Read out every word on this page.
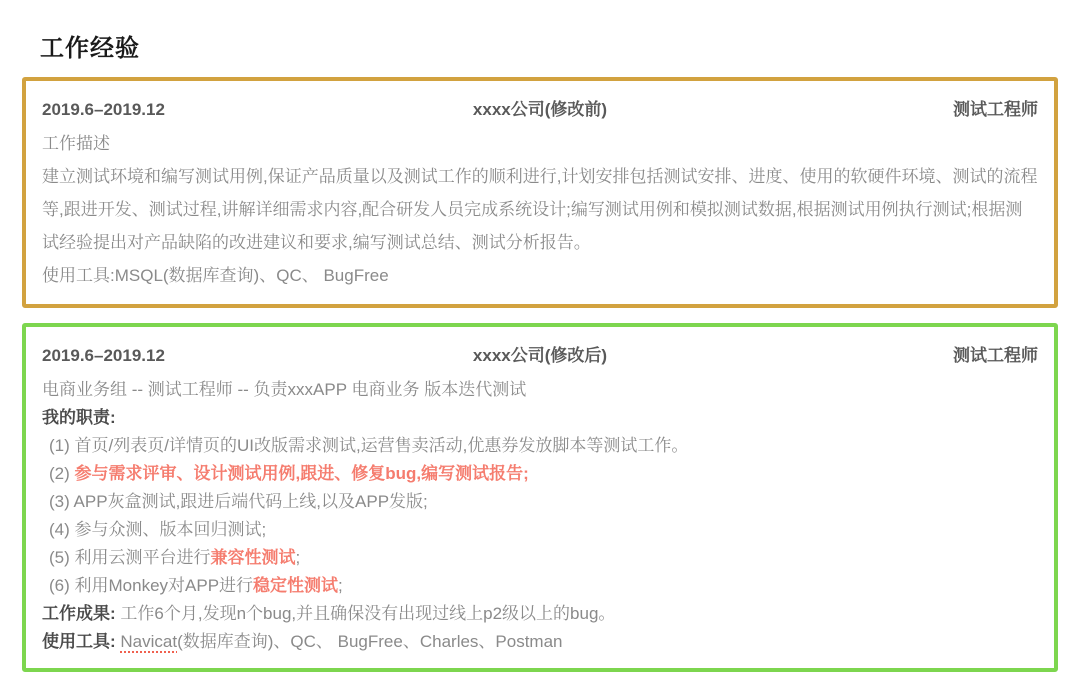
工作经验
2019.6–2019.12	xxxx公司(修改前)	测试工程师
工作描述
建立测试环境和编写测试用例,保证产品质量以及测试工作的顺利进行,计划安排包括测试安排、进度、使用的软硬件环境、测试的流程等,跟进开发、测试过程,讲解详细需求内容,配合研发人员完成系统设计;编写测试用例和模拟测试数据,根据测试用例执行测试;根据测试经验提出对产品缺陷的改进建议和要求,编写测试总结、测试分析报告。
使用工具:MSQL(数据库查询)、QC、 BugFree
2019.6–2019.12	xxxx公司(修改后)	测试工程师
电商业务组 -- 测试工程师 -- 负责xxxAPP 电商业务 版本迭代测试
我的职责:
(1) 首页/列表页/详情页的UI改版需求测试,运营售卖活动,优惠券发放脚本等测试工作。
(2) 参与需求评审、设计测试用例,跟进、修复bug,编写测试报告;
(3) APP灰盒测试,跟进后端代码上线,以及APP发版;
(4) 参与众测、版本回归测试;
(5) 利用云测平台进行兼容性测试;
(6) 利用Monkey对APP进行稳定性测试;
工作成果: 工作6个月,发现n个bug,并且确保没有出现过线上p2级以上的bug。
使用工具: Navicat(数据库查询)、QC、 BugFree、Charles、Postman
